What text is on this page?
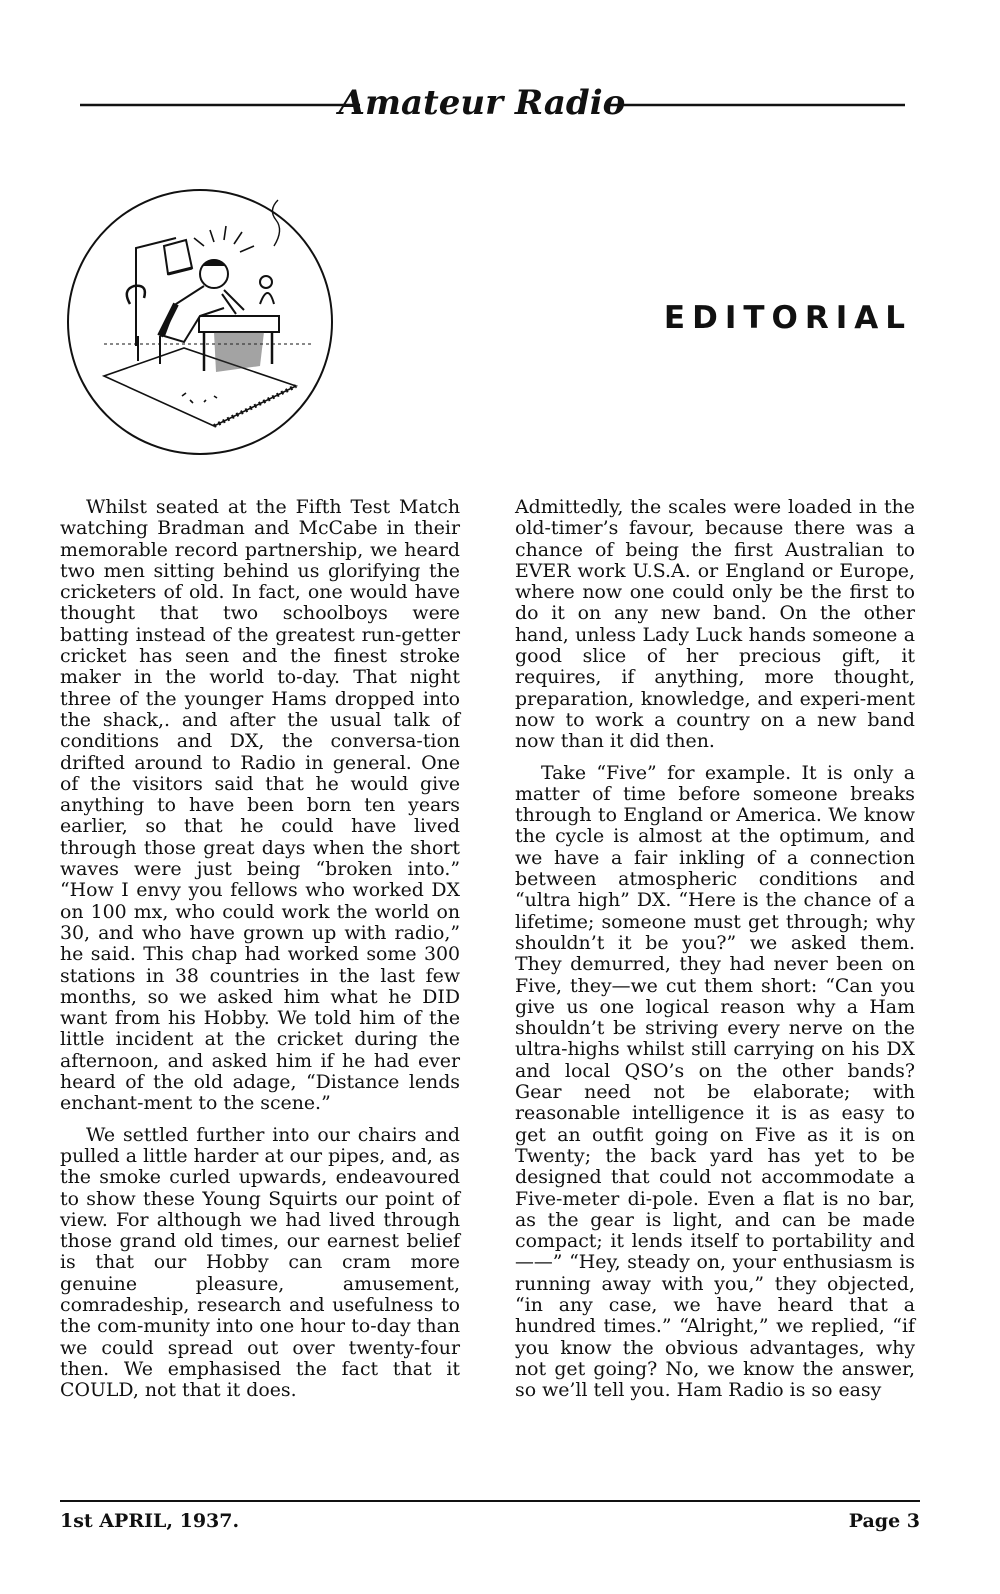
Amateur Radio
EDITORIAL

Whilst seated at the Fifth Test Match watching Bradman and McCabe in their memorable record partnership, we heard two men sitting behind us glorifying the cricketers of old. In fact, one would have thought that two schoolboys were batting instead of the greatest run-getter cricket has seen and the finest stroke maker in the world to-day. That night three of the younger Hams dropped into the shack,. and after the usual talk of conditions and DX, the conversa-tion drifted around to Radio in general. One of the visitors said that he would give anything to have been born ten years earlier, so that he could have lived through those great days when the short waves were just being “broken into.” “How I envy you fellows who worked DX on 100 mx, who could work the world on 30, and who have grown up with radio,” he said. This chap had worked some 300 stations in 38 countries in the last few months, so we asked him what he DID want from his Hobby. We told him of the little incident at the cricket during the afternoon, and asked him if he had ever heard of the old adage, “Distance lends enchant-ment to the scene.”

We settled further into our chairs and pulled a little harder at our pipes, and, as the smoke curled upwards, endeavoured to show these Young Squirts our point of view. For although we had lived through those grand old times, our earnest belief is that our Hobby can cram more genuine pleasure, amusement, comradeship, research and usefulness to the com-munity into one hour to-day than we could spread out over twenty-four then. We emphasised the fact that it COULD, not that it does.

Admittedly, the scales were loaded in the old-timer’s favour, because there was a chance of being the first Australian to EVER work U.S.A. or England or Europe, where now one could only be the first to do it on any new band. On the other hand, unless Lady Luck hands someone a good slice of her precious gift, it requires, if anything, more thought, preparation, knowledge, and experi-ment now to work a country on a new band now than it did then.

Take “Five” for example. It is only a matter of time before someone breaks through to England or America. We know the cycle is almost at the optimum, and we have a fair inkling of a connection between atmospheric conditions and “ultra high” DX. “Here is the chance of a lifetime; someone must get through; why shouldn’t it be you?” we asked them. They demurred, they had never been on Five, they—we cut them short: “Can you give us one logical reason why a Ham shouldn’t be striving every nerve on the ultra-highs whilst still carrying on his DX and local QSO’s on the other bands? Gear need not be elaborate; with reasonable intelligence it is as easy to get an outfit going on Five as it is on Twenty; the back yard has yet to be designed that could not accommodate a Five-meter di-pole. Even a flat is no bar, as the gear is light, and can be made compact; it lends itself to portability and——” “Hey, steady on, your enthusiasm is running away with you,” they objected, “in any case, we have heard that a hundred times.” “Alright,” we replied, “if you know the obvious advantages, why not get going? No, we know the answer, so we’ll tell you. Ham Radio is so easy

1st APRIL, 1937.	Page 3
